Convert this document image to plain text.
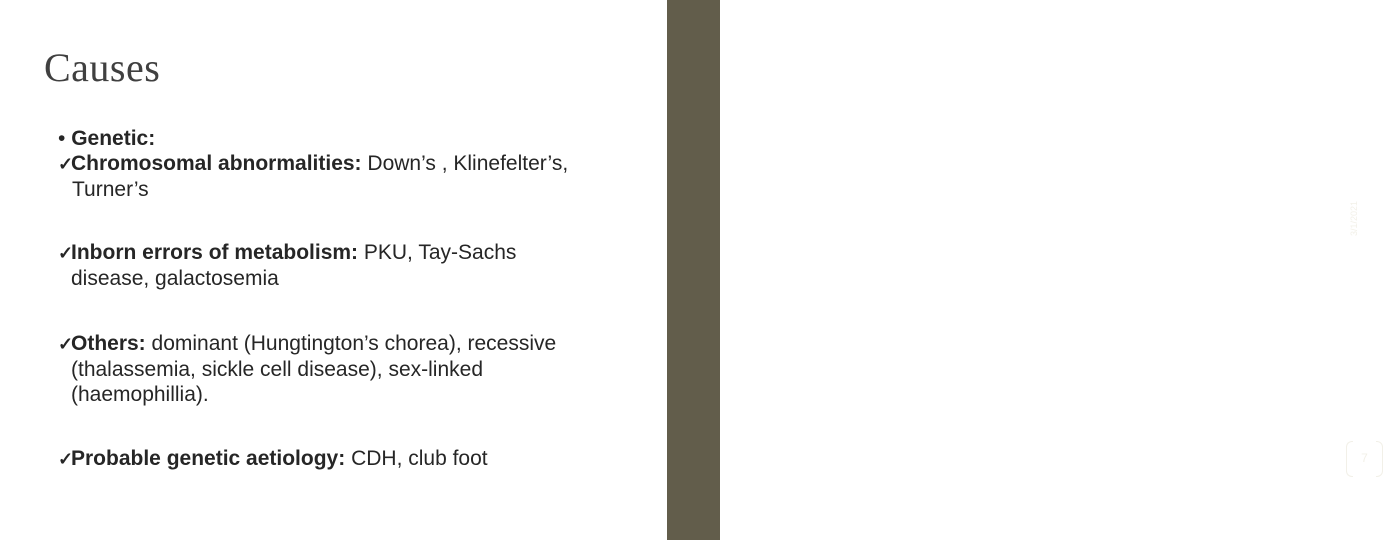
3/1/2021
7
Causes
• Genetic:
✓Chromosomal abnormalities: Down’s , Klinefelter’s,
Turner’s
✓Inborn errors of metabolism: PKU, Tay-Sachs
disease, galactosemia
✓Others: dominant (Hungtington’s chorea), recessive
(thalassemia, sickle cell disease), sex-linked
(haemophillia).
✓Probable genetic aetiology: CDH, club foot
